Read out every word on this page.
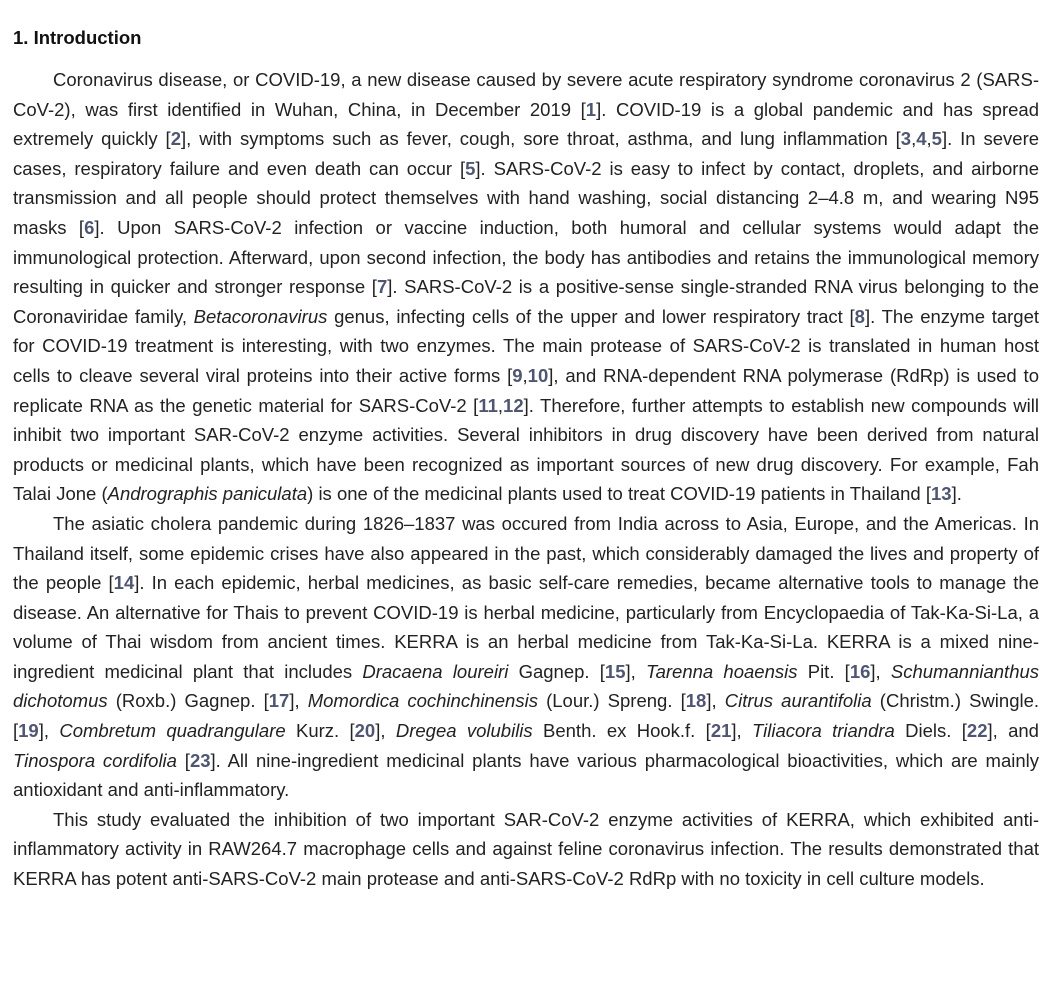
1. Introduction

Coronavirus disease, or COVID-19, a new disease caused by severe acute respiratory syndrome coronavirus 2 (SARS-CoV-2), was first identified in Wuhan, China, in December 2019 [1]. COVID-19 is a global pandemic and has spread extremely quickly [2], with symptoms such as fever, cough, sore throat, asthma, and lung inflammation [3,4,5]. In severe cases, respiratory failure and even death can occur [5]. SARS-CoV-2 is easy to infect by contact, droplets, and airborne transmission and all people should protect themselves with hand washing, social distancing 2–4.8 m, and wearing N95 masks [6]. Upon SARS-CoV-2 infection or vaccine induction, both humoral and cellular systems would adapt the immunological protection. Afterward, upon second infection, the body has antibodies and retains the immunological memory resulting in quicker and stronger response [7]. SARS-CoV-2 is a positive-sense single-stranded RNA virus belonging to the Coronaviridae family, Betacoronavirus genus, infecting cells of the upper and lower respiratory tract [8]. The enzyme target for COVID-19 treatment is interesting, with two enzymes. The main protease of SARS-CoV-2 is translated in human host cells to cleave several viral proteins into their active forms [9,10], and RNA-dependent RNA polymerase (RdRp) is used to replicate RNA as the genetic material for SARS-CoV-2 [11,12]. Therefore, further attempts to establish new compounds will inhibit two important SAR-CoV-2 enzyme activities. Several inhibitors in drug discovery have been derived from natural products or medicinal plants, which have been recognized as important sources of new drug discovery. For example, Fah Talai Jone (Andrographis paniculata) is one of the medicinal plants used to treat COVID-19 patients in Thailand [13].

The asiatic cholera pandemic during 1826–1837 was occured from India across to Asia, Europe, and the Americas. In Thailand itself, some epidemic crises have also appeared in the past, which considerably damaged the lives and property of the people [14]. In each epidemic, herbal medicines, as basic self-care remedies, became alternative tools to manage the disease. An alternative for Thais to prevent COVID-19 is herbal medicine, particularly from Encyclopaedia of Tak-Ka-Si-La, a volume of Thai wisdom from ancient times. KERRA is an herbal medicine from Tak-Ka-Si-La. KERRA is a mixed nine-ingredient medicinal plant that includes Dracaena loureiri Gagnep. [15], Tarenna hoaensis Pit. [16], Schumannianthus dichotomus (Roxb.) Gagnep. [17], Momordica cochinchinensis (Lour.) Spreng. [18], Citrus aurantifolia (Christm.) Swingle. [19], Combretum quadrangulare Kurz. [20], Dregea volubilis Benth. ex Hook.f. [21], Tiliacora triandra Diels. [22], and Tinospora cordifolia [23]. All nine-ingredient medicinal plants have various pharmacological bioactivities, which are mainly antioxidant and anti-inflammatory.

This study evaluated the inhibition of two important SAR-CoV-2 enzyme activities of KERRA, which exhibited anti-inflammatory activity in RAW264.7 macrophage cells and against feline coronavirus infection. The results demonstrated that KERRA has potent anti-SARS-CoV-2 main protease and anti-SARS-CoV-2 RdRp with no toxicity in cell culture models.
